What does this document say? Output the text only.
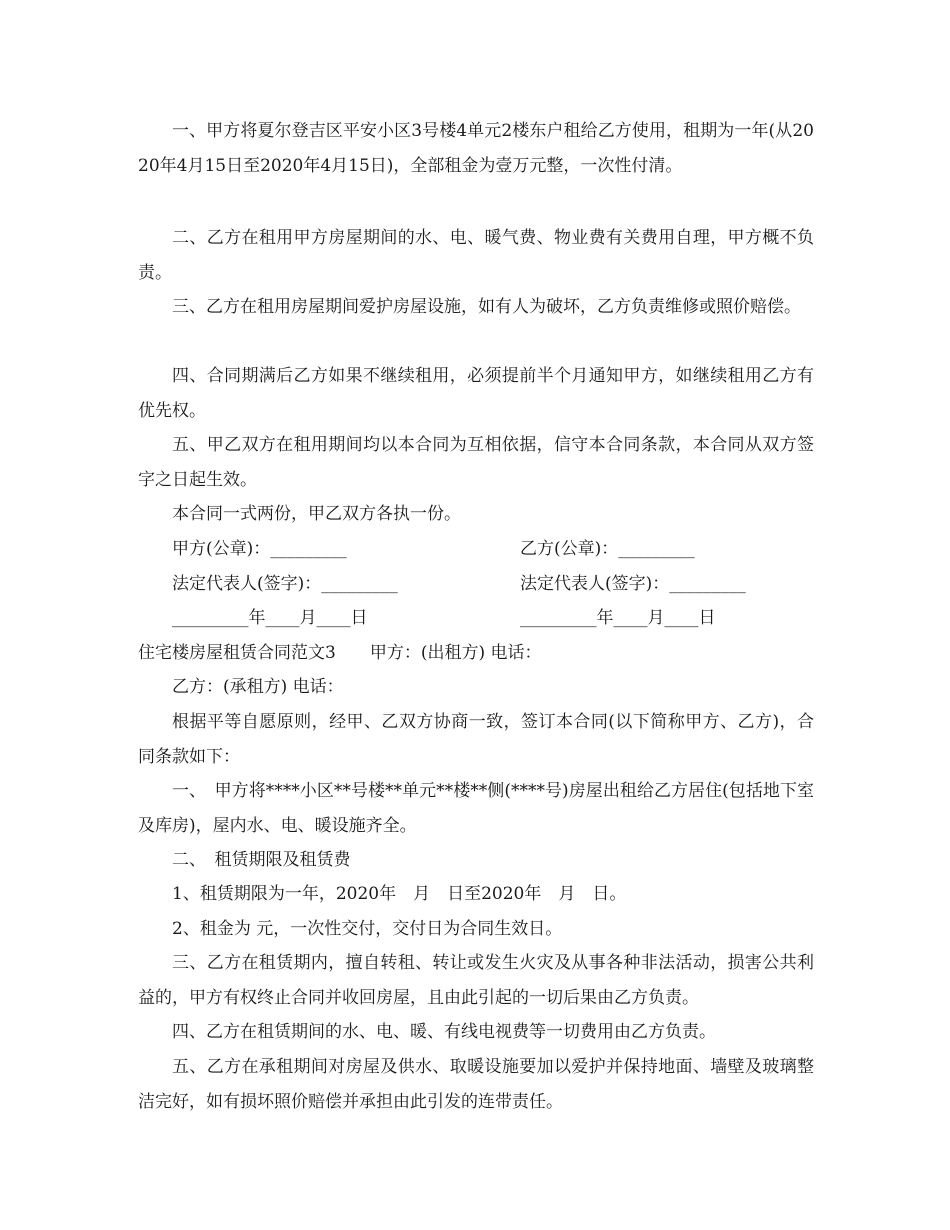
一、甲方将夏尔登吉区平安小区3号楼4单元2楼东户租给乙方使用，租期为一年(从2020年4月15日至2020年4月15日)，全部租金为壹万元整，一次性付清。
二、乙方在租用甲方房屋期间的水、电、暖气费、物业费有关费用自理，甲方概不负责。
三、乙方在租用房屋期间爱护房屋设施，如有人为破坏，乙方负责维修或照价赔偿。
四、合同期满后乙方如果不继续租用，必须提前半个月通知甲方，如继续租用乙方有优先权。
五、甲乙双方在租用期间均以本合同为互相依据，信守本合同条款，本合同从双方签字之日起生效。
本合同一式两份，甲乙双方各执一份。
甲方(公章)：_________	乙方(公章)：_________
法定代表人(签字)：_________	法定代表人(签字)：_________
_________年____月____日	_________年____月____日
住宅楼房屋租赁合同范文3　　甲方：(出租方) 电话：
乙方：(承租方) 电话：
根据平等自愿原则，经甲、乙双方协商一致，签订本合同(以下简称甲方、乙方)，合同条款如下：
一、　甲方将****小区**号楼**单元**楼**侧(****号)房屋出租给乙方居住(包括地下室及库房)，屋内水、电、暖设施齐全。
二、　租赁期限及租赁费
1、租赁期限为一年，2020年　月　日至2020年　月　日。
2、租金为 元，一次性交付，交付日为合同生效日。
三、乙方在租赁期内，擅自转租、转让或发生火灾及从事各种非法活动，损害公共利益的，甲方有权终止合同并收回房屋，且由此引起的一切后果由乙方负责。
四、乙方在租赁期间的水、电、暖、有线电视费等一切费用由乙方负责。
五、乙方在承租期间对房屋及供水、取暖设施要加以爱护并保持地面、墙壁及玻璃整洁完好，如有损坏照价赔偿并承担由此引发的连带责任。
